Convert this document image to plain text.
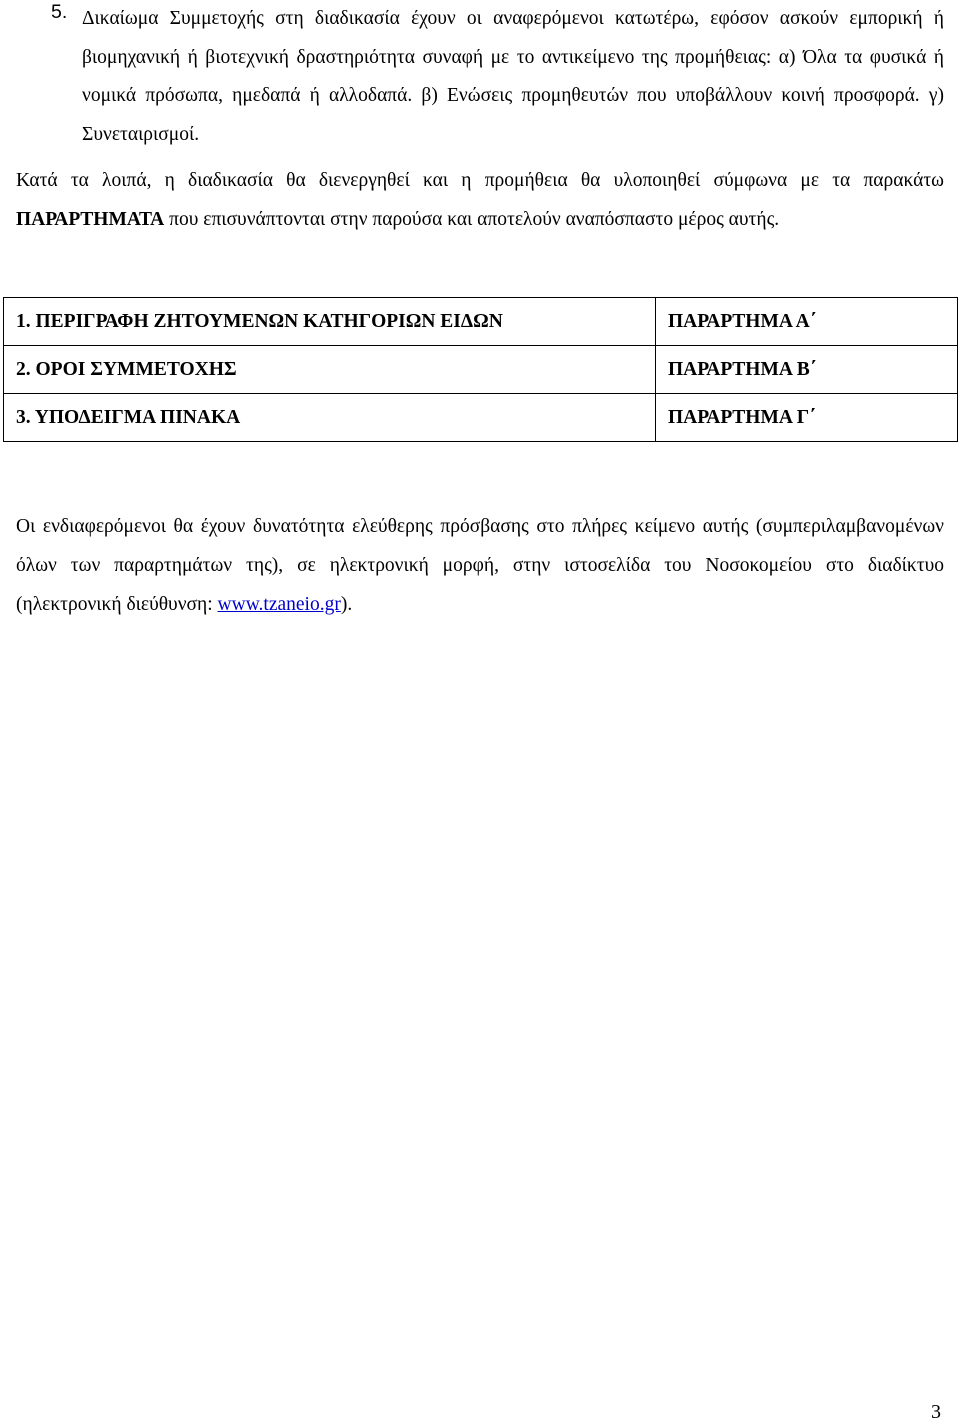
5. Δικαίωμα Συμμετοχής στη διαδικασία έχουν οι αναφερόμενοι κατωτέρω, εφόσον ασκούν εμπορική ή βιομηχανική ή βιοτεχνική δραστηριότητα συναφή με το αντικείμενο της προμήθειας: α) Όλα τα φυσικά ή νομικά πρόσωπα, ημεδαπά ή αλλοδαπά. β) Ενώσεις προμηθευτών που υποβάλλουν κοινή προσφορά. γ) Συνεταιρισμοί.

Κατά τα λοιπά, η διαδικασία θα διενεργηθεί και η προμήθεια θα υλοποιηθεί σύμφωνα με τα παρακάτω ΠΑΡΑΡΤΗΜΑΤΑ που επισυνάπτονται στην παρούσα και αποτελούν αναπόσπαστο μέρος αυτής.

1. ΠΕΡΙΓΡΑΦΗ ΖΗΤΟΥΜΕΝΩΝ ΚΑΤΗΓΟΡΙΩΝ ΕΙΔΩΝ	ΠΑΡΑΡΤΗΜΑ Α΄
2. ΟΡΟΙ ΣΥΜΜΕΤΟΧΗΣ	ΠΑΡΑΡΤΗΜΑ Β΄
3. ΥΠΟΔΕΙΓΜΑ ΠΙΝΑΚΑ	ΠΑΡΑΡΤΗΜΑ Γ΄

Οι ενδιαφερόμενοι θα έχουν δυνατότητα ελεύθερης πρόσβασης στο πλήρες κείμενο αυτής (συμπεριλαμβανομένων όλων των παραρτημάτων της), σε ηλεκτρονική μορφή, στην ιστοσελίδα του Νοσοκομείου στο διαδίκτυο (ηλεκτρονική διεύθυνση: www.tzaneio.gr).

3
